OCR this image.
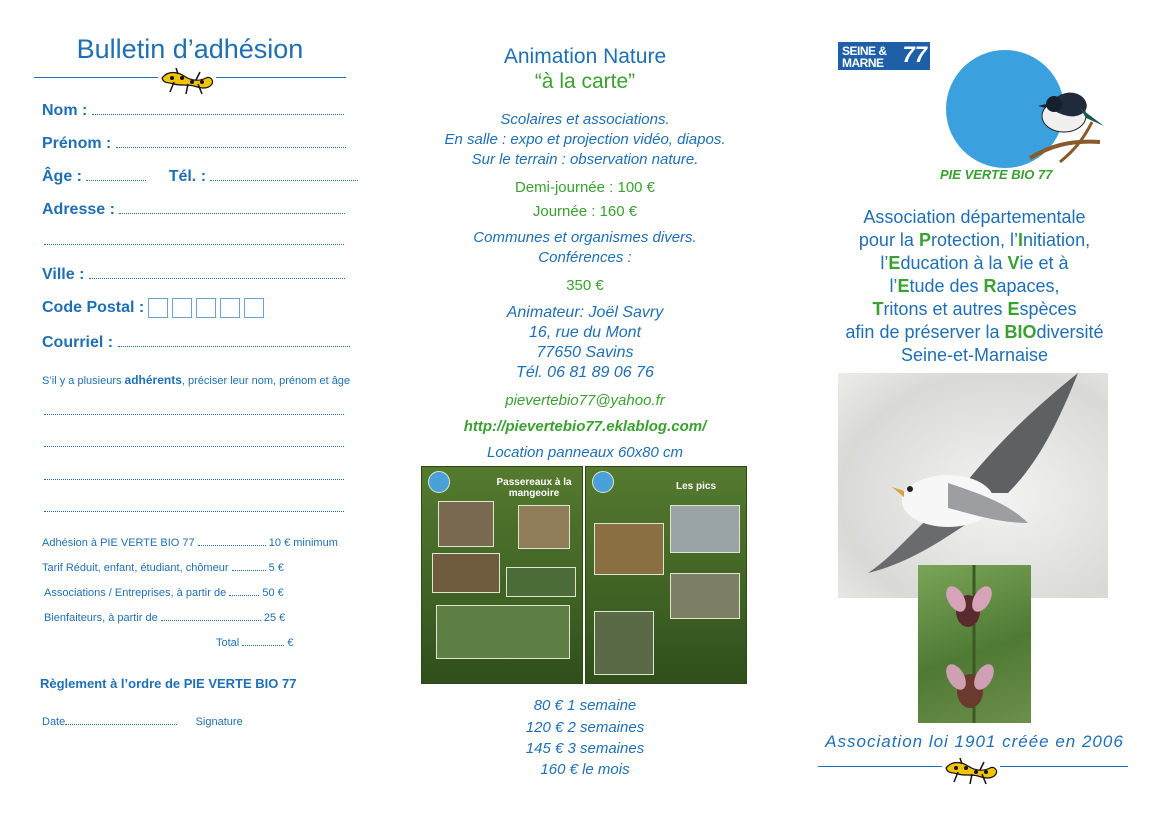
Bulletin d’adhésion
Nom :
Prénom :
Âge :	Tél. :
Adresse :
Ville :
Code Postal :
Courriel :
S’il y a plusieurs adhérents, préciser leur nom, prénom et âge
Adhésion à PIE VERTE BIO 77	10 € minimum
Tarif Réduit, enfant, étudiant, chômeur	5 €
Associations / Entreprises, à partir de	50 €
Bienfaiteurs, à partir de	25 €
Total	€
Règlement à l’ordre de PIE VERTE BIO 77
Date	Signature
Animation Nature
“à la carte”
Scolaires et associations.
En salle : expo et projection vidéo, diapos.
Sur le terrain : observation nature.
Demi-journée : 100 €
Journée : 160 €
Communes et organismes divers.
Conférences :
350 €
Animateur: Joël Savry
16, rue du Mont
77650 Savins
Tél. 06 81 89 06 76
pievertebio77@yahoo.fr
http://pievertebio77.eklablog.com/
Location panneaux 60x80 cm
Passereaux à la mangeoire
Les pics
80 € 1 semaine
120 € 2 semaines
145 € 3 semaines
160 € le mois
SEINE & MARNE
LE DÉPARTEMENT
77
PIE VERTE BIO 77
Association départementale
pour la Protection, l’Initiation,
l’Education à la Vie et à
l’Etude des Rapaces,
Tritons et autres Espèces
afin de préserver la BIOdiversité
Seine-et-Marnaise
Association loi 1901 créée en 2006
